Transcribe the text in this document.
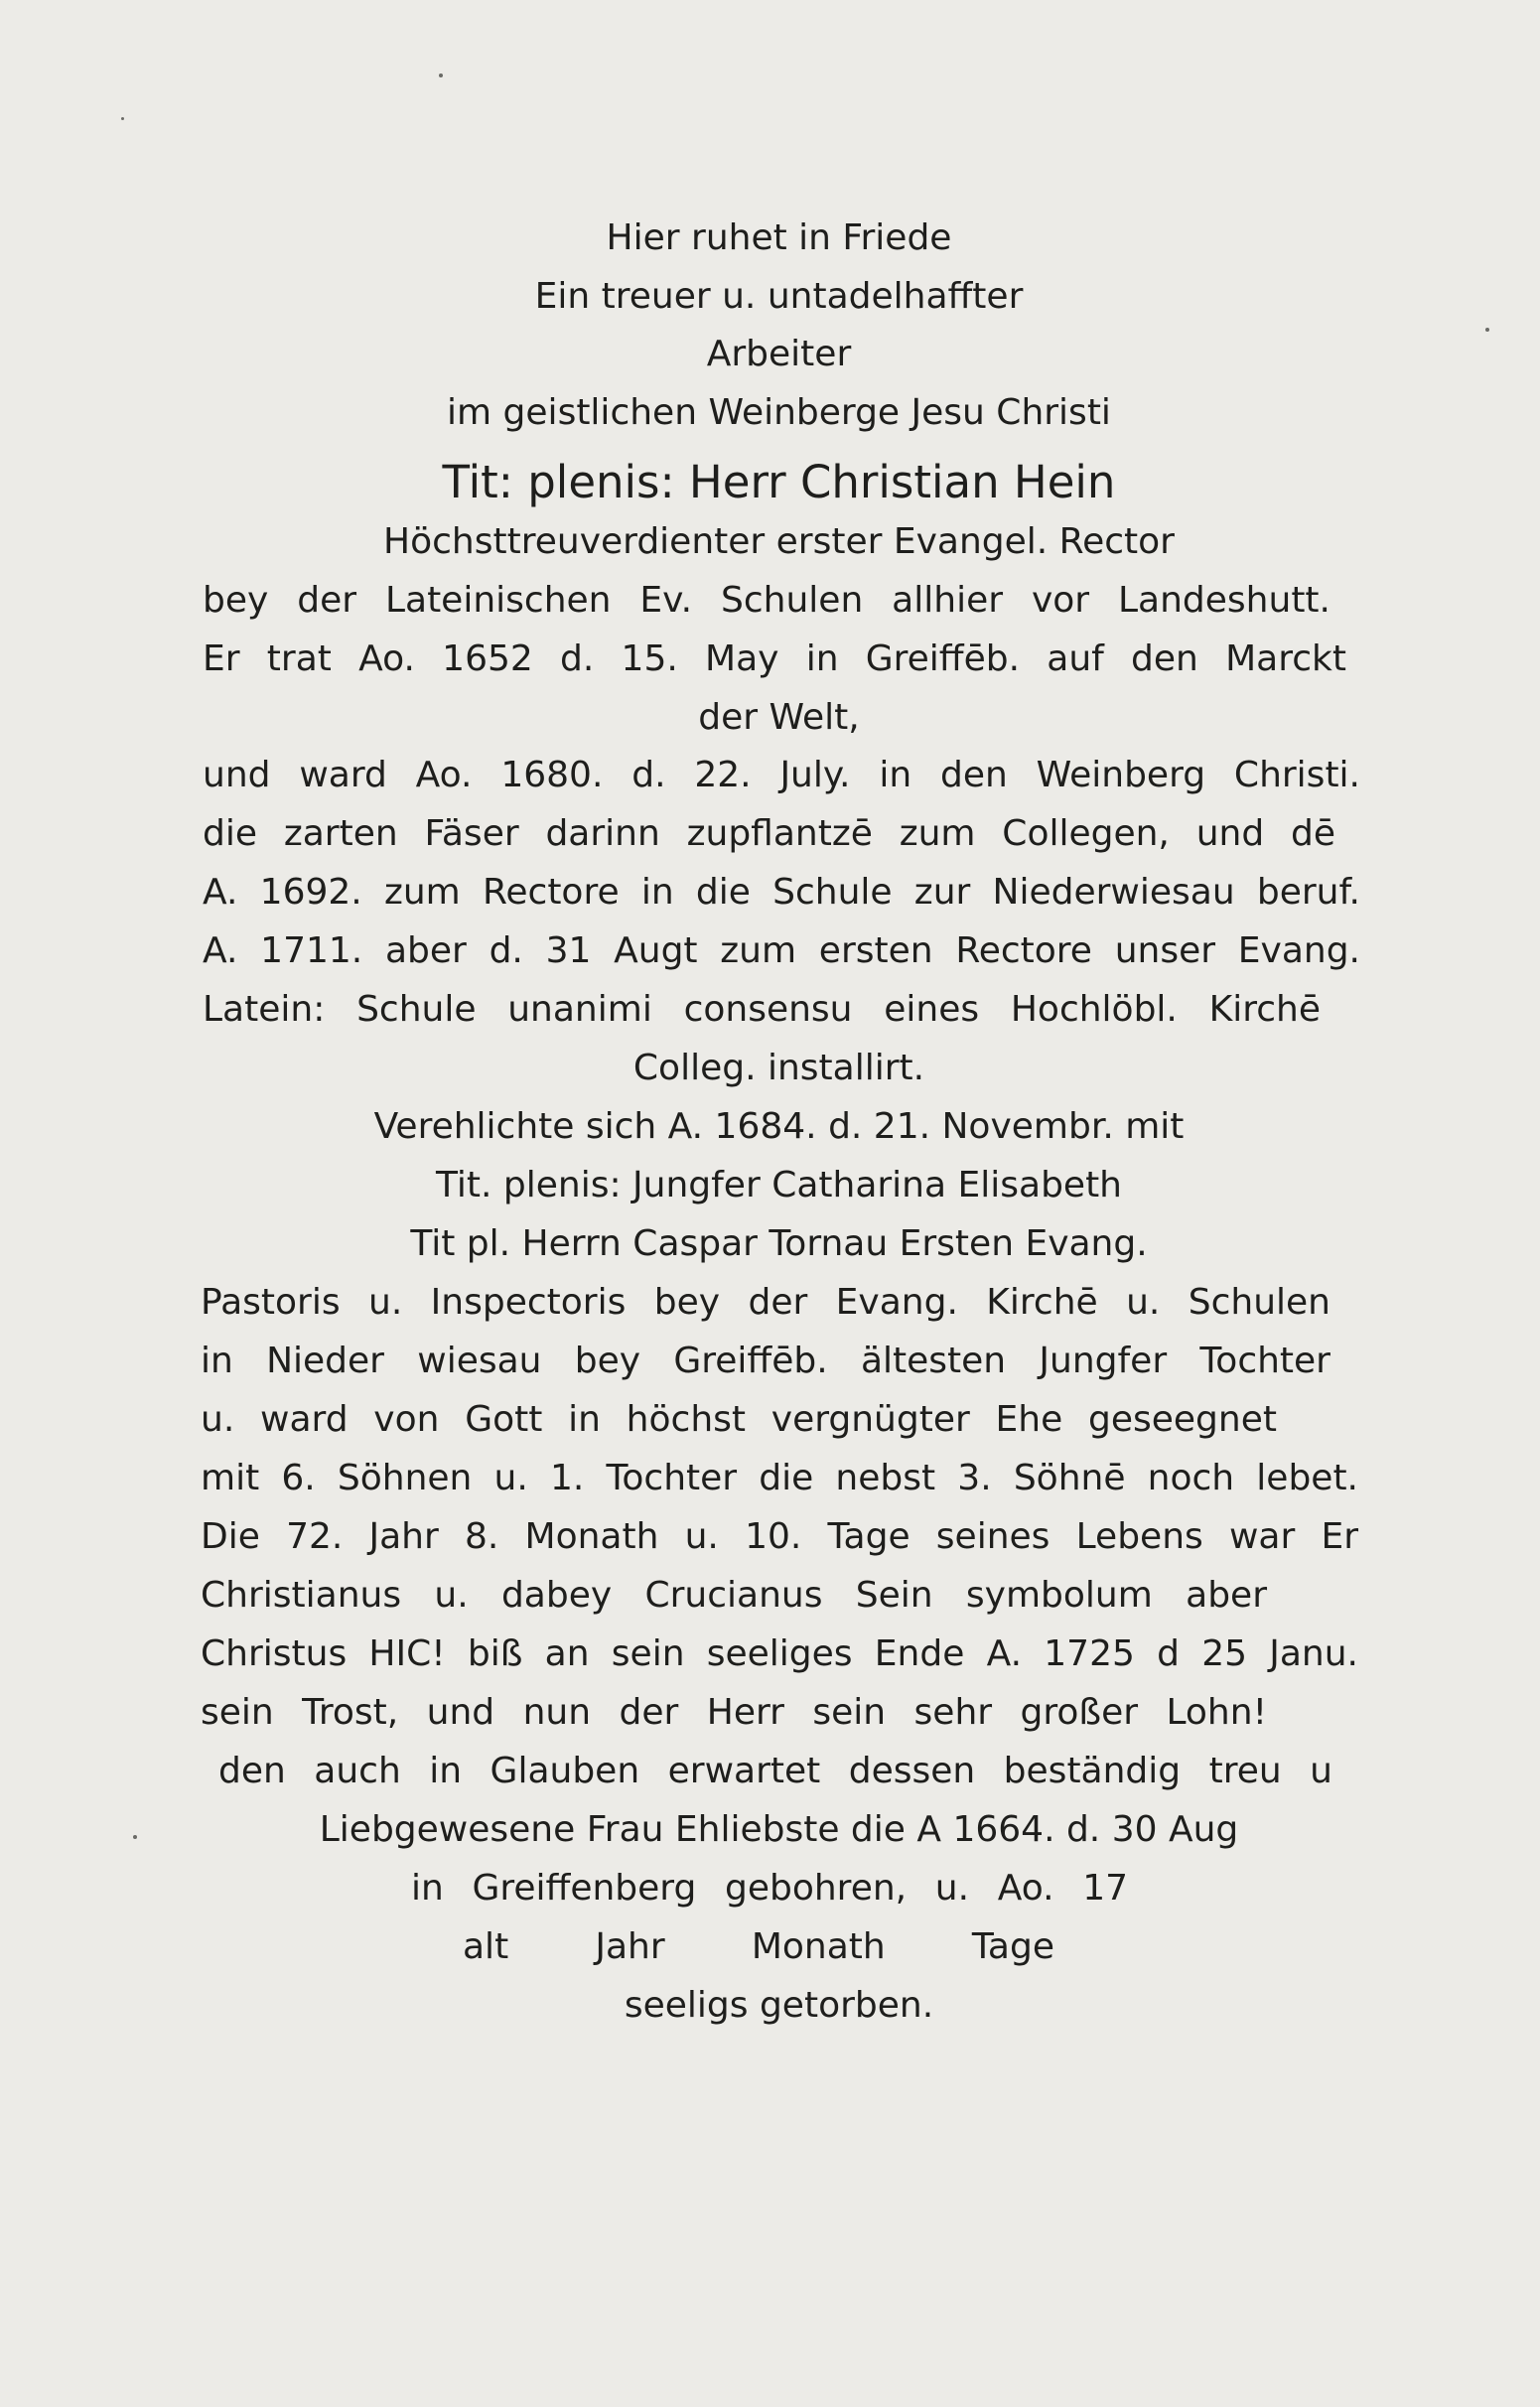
Hier ruhet in Friede
Ein treuer u. untadelhaffter
Arbeiter
im geistlichen Weinberge Jesu Christi
Tit: plenis: Herr Christian Hein
Höchsttreuverdienter erster Evangel. Rector
bey der Lateinischen Ev. Schulen allhier vor Landeshutt.
Er trat Ao. 1652 d. 15. May in Greiffēb. auf den Marckt
der Welt,
und ward Ao. 1680. d. 22. July. in den Weinberg Christi.
die zarten Fäser darinn zupflantzē zum Collegen, und dē
A. 1692. zum Rectore in die Schule zur Niederwiesau beruf.
A. 1711. aber d. 31 Augt zum ersten Rectore unser Evang.
Latein: Schule unanimi consensu eines Hochlöbl. Kirchē
Colleg. installirt.
Verehlichte sich A. 1684. d. 21. Novembr. mit
Tit. plenis: Jungfer Catharina Elisabeth
Tit pl. Herrn Caspar Tornau Ersten Evang.
Pastoris u. Inspectoris bey der Evang. Kirchē u. Schulen
in Nieder wiesau bey Greiffēb. ältesten Jungfer Tochter
u. ward von Gott in höchst vergnügter Ehe geseegnet
mit 6. Söhnen u. 1. Tochter die nebst 3. Söhnē noch lebet.
Die 72. Jahr 8. Monath u. 10. Tage seines Lebens war Er
Christianus u. dabey Crucianus Sein symbolum aber
Christus HIC! biß an sein seeliges Ende A. 1725 d 25 Janu.
sein Trost, und nun der Herr sein sehr großer Lohn!
den auch in Glauben erwartet dessen beständig treu u
Liebgewesene Frau Ehliebste die A 1664. d. 30 Aug
in Greiffenberg gebohren, u. Ao. 17
alt Jahr Monath Tage
seeligs getorben.
